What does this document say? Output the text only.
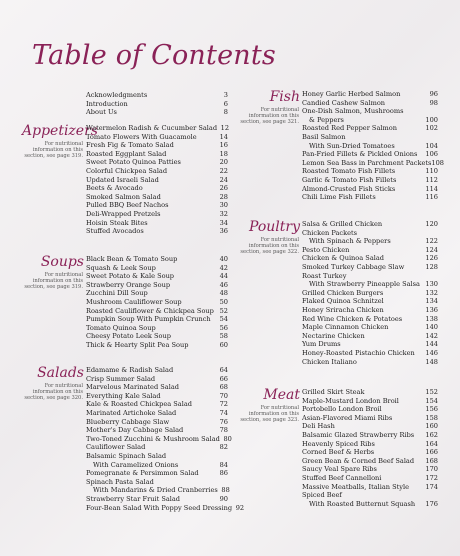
Table of Contents
Acknowledgments	3
Introduction	6
About Us	8
Appetizers
For nutritional information on this section, see page 319.
Watermelon Radish & Cucumber Salad 12
Tomato Flowers With Guacamole	14
Fresh Fig & Tomato Salad	16
Roasted Eggplant Salad	18
Sweet Potato Quinoa Patties	20
Colorful Chickpea Salad	22
Updated Israeli Salad	24
Beets & Avocado	26
Smoked Salmon Salad	28
Pulled BBQ Beef Nachos	30
Deli-Wrapped Pretzels	32
Hoisin Steak Bites	34
Stuffed Avocados	36
Soups
For nutritional information on this section, see page 319.
Black Bean & Tomato Soup	40
Squash & Leek Soup	42
Sweet Potato & Kale Soup	44
Strawberry Orange Soup	46
Zucchini Dill Soup	48
Mushroom Cauliflower Soup	50
Roasted Cauliflower & Chickpea Soup 52
Pumpkin Soup With Pumpkin Crunch	54
Tomato Quinoa Soup	56
Cheesy Potato Leek Soup	58
Thick & Hearty Split Pea Soup	60
Salads
For nutritional information on this section, see page 320.
Edamame & Radish Salad	64
Crisp Summer Salad	66
Marvelous Marinated Salad	68
Everything Kale Salad	70
Kale & Roasted Chickpea Salad	72
Marinated Artichoke Salad	74
Blueberry Cabbage Slaw	76
Mother's Day Cabbage Salad	78
Two-Toned Zucchini & Mushroom Salad 80
Cauliflower Salad	82
Balsamic Spinach Salad
With Caramelized Onions	84
Pomegranate & Persimmon Salad	86
Spinach Pasta Salad
With Mandarins & Dried Cranberries 88
Strawberry Star Fruit Salad	90
Four-Bean Salad With Poppy Seed Dressing 92
Fish
For nutritional information on this section, see page 321.
Honey Garlic Herbed Salmon	96
Candied Cashew Salmon	98
One-Dish Salmon, Mushrooms
& Peppers	100
Roasted Red Pepper Salmon	102
Basil Salmon
With Sun-Dried Tomatoes	104
Pan-Fried Fillets & Pickled Onions 106
Lemon Sea Bass in Parchment Packets 108
Roasted Tomato Fish Fillets	110
Garlic & Tomato Fish Fillets	112
Almond-Crusted Fish Sticks	114
Chili Lime Fish Fillets	116
Poultry
For nutritional information on this section, see page 322.
Salsa & Grilled Chicken	120
Chicken Packets
With Spinach & Peppers	122
Pesto Chicken	124
Chicken & Quinoa Salad	126
Smoked Turkey Cabbage Slaw	128
Roast Turkey
With Strawberry Pineapple Salsa 130
Grilled Chicken Burgers	132
Flaked Quinoa Schnitzel	134
Honey Sriracha Chicken	136
Red Wine Chicken & Potatoes	138
Maple Cinnamon Chicken	140
Nectarine Chicken	142
Yum Drums	144
Honey-Roasted Pistachio Chicken 146
Chicken Italiano	148
Meat
For nutritional information on this section, see page 323.
Grilled Skirt Steak	152
Maple-Mustard London Broil	154
Portobello London Broil	156
Asian-Flavored Miami Ribs	158
Deli Hash	160
Balsamic Glazed Strawberry Ribs 162
Heavenly Spiced Ribs	164
Corned Beef & Herbs	166
Green Bean & Corned Beef Salad 168
Saucy Veal Spare Ribs	170
Stuffed Beef Cannelloni	172
Massive Meatballs, Italian Style 174
Spiced Beef
With Roasted Butternut Squash 176
